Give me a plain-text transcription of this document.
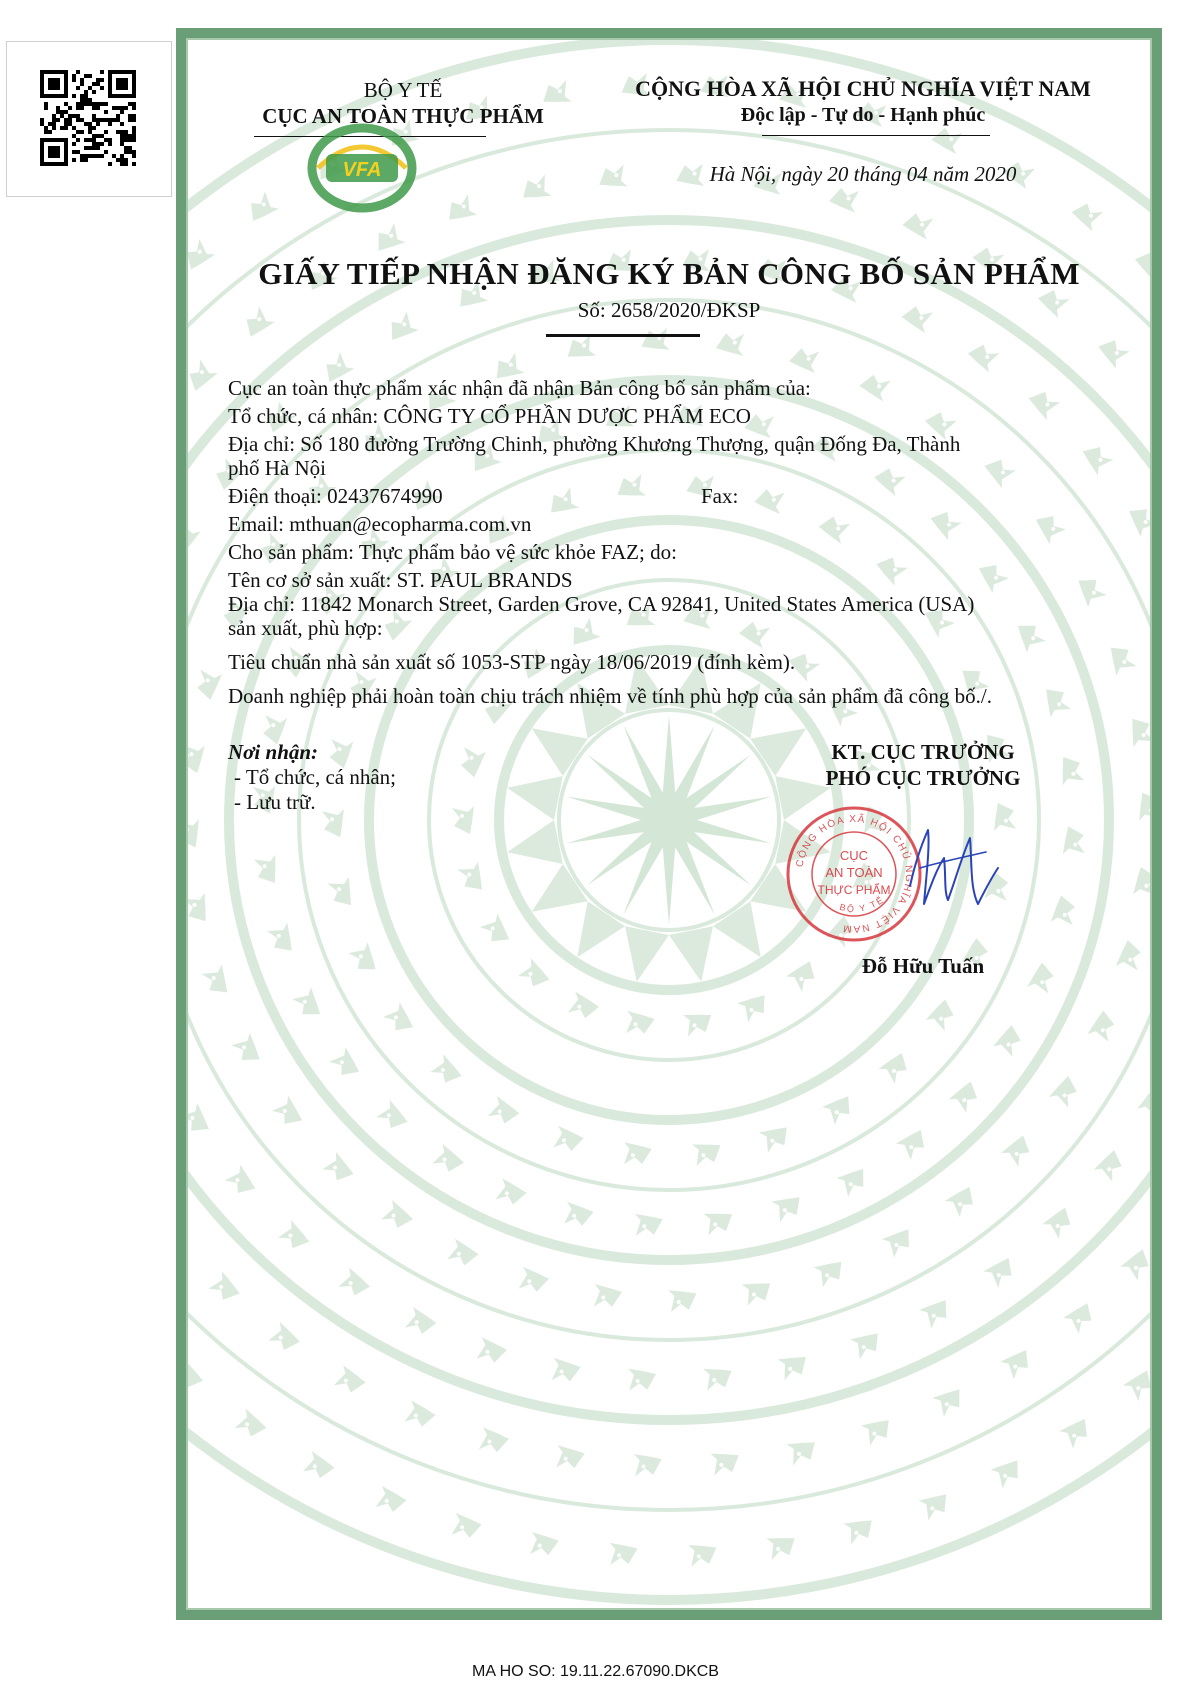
BỘ Y TẾ
CỤC AN TOÀN THỰC PHẨM
VFA
CỘNG HÒA XÃ HỘI CHỦ NGHĨA VIỆT NAM
Độc lập - Tự do - Hạnh phúc
Hà Nội, ngày 20 tháng 04 năm 2020
GIẤY TIẾP NHẬN ĐĂNG KÝ BẢN CÔNG BỐ SẢN PHẨM
Số: 2658/2020/ĐKSP
Cục an toàn thực phẩm xác nhận đã nhận Bản công bố sản phẩm của:
Tổ chức, cá nhân: CÔNG TY CỔ PHẦN DƯỢC PHẨM ECO
Địa chỉ: Số 180 đường Trường Chinh, phường Khương Thượng, quận Đống Đa, Thành
phố Hà Nội
Điện thoại: 02437674990	Fax:
Email: mthuan@ecopharma.com.vn
Cho sản phẩm: Thực phẩm bảo vệ sức khỏe FAZ; do:
Tên cơ sở sản xuất: ST. PAUL BRANDS
Địa chỉ: 11842 Monarch Street, Garden Grove, CA 92841, United States America (USA)
sản xuất, phù hợp:
Tiêu chuẩn nhà sản xuất số 1053-STP ngày 18/06/2019 (đính kèm).
Doanh nghiệp phải hoàn toàn chịu trách nhiệm về tính phù hợp của sản phẩm đã công bố./.
Nơi nhận:
- Tổ chức, cá nhân;
- Lưu trữ.
KT. CỤC TRƯỞNG
PHÓ CỤC TRƯỞNG
CỘNG HÒA XÃ HỘI CHỦ NGHĨA VIỆT NAM
CỤC
AN TOÀN
THỰC PHẨM
BỘ Y TẾ
Đỗ Hữu Tuấn
MA HO SO: 19.11.22.67090.DKCB
